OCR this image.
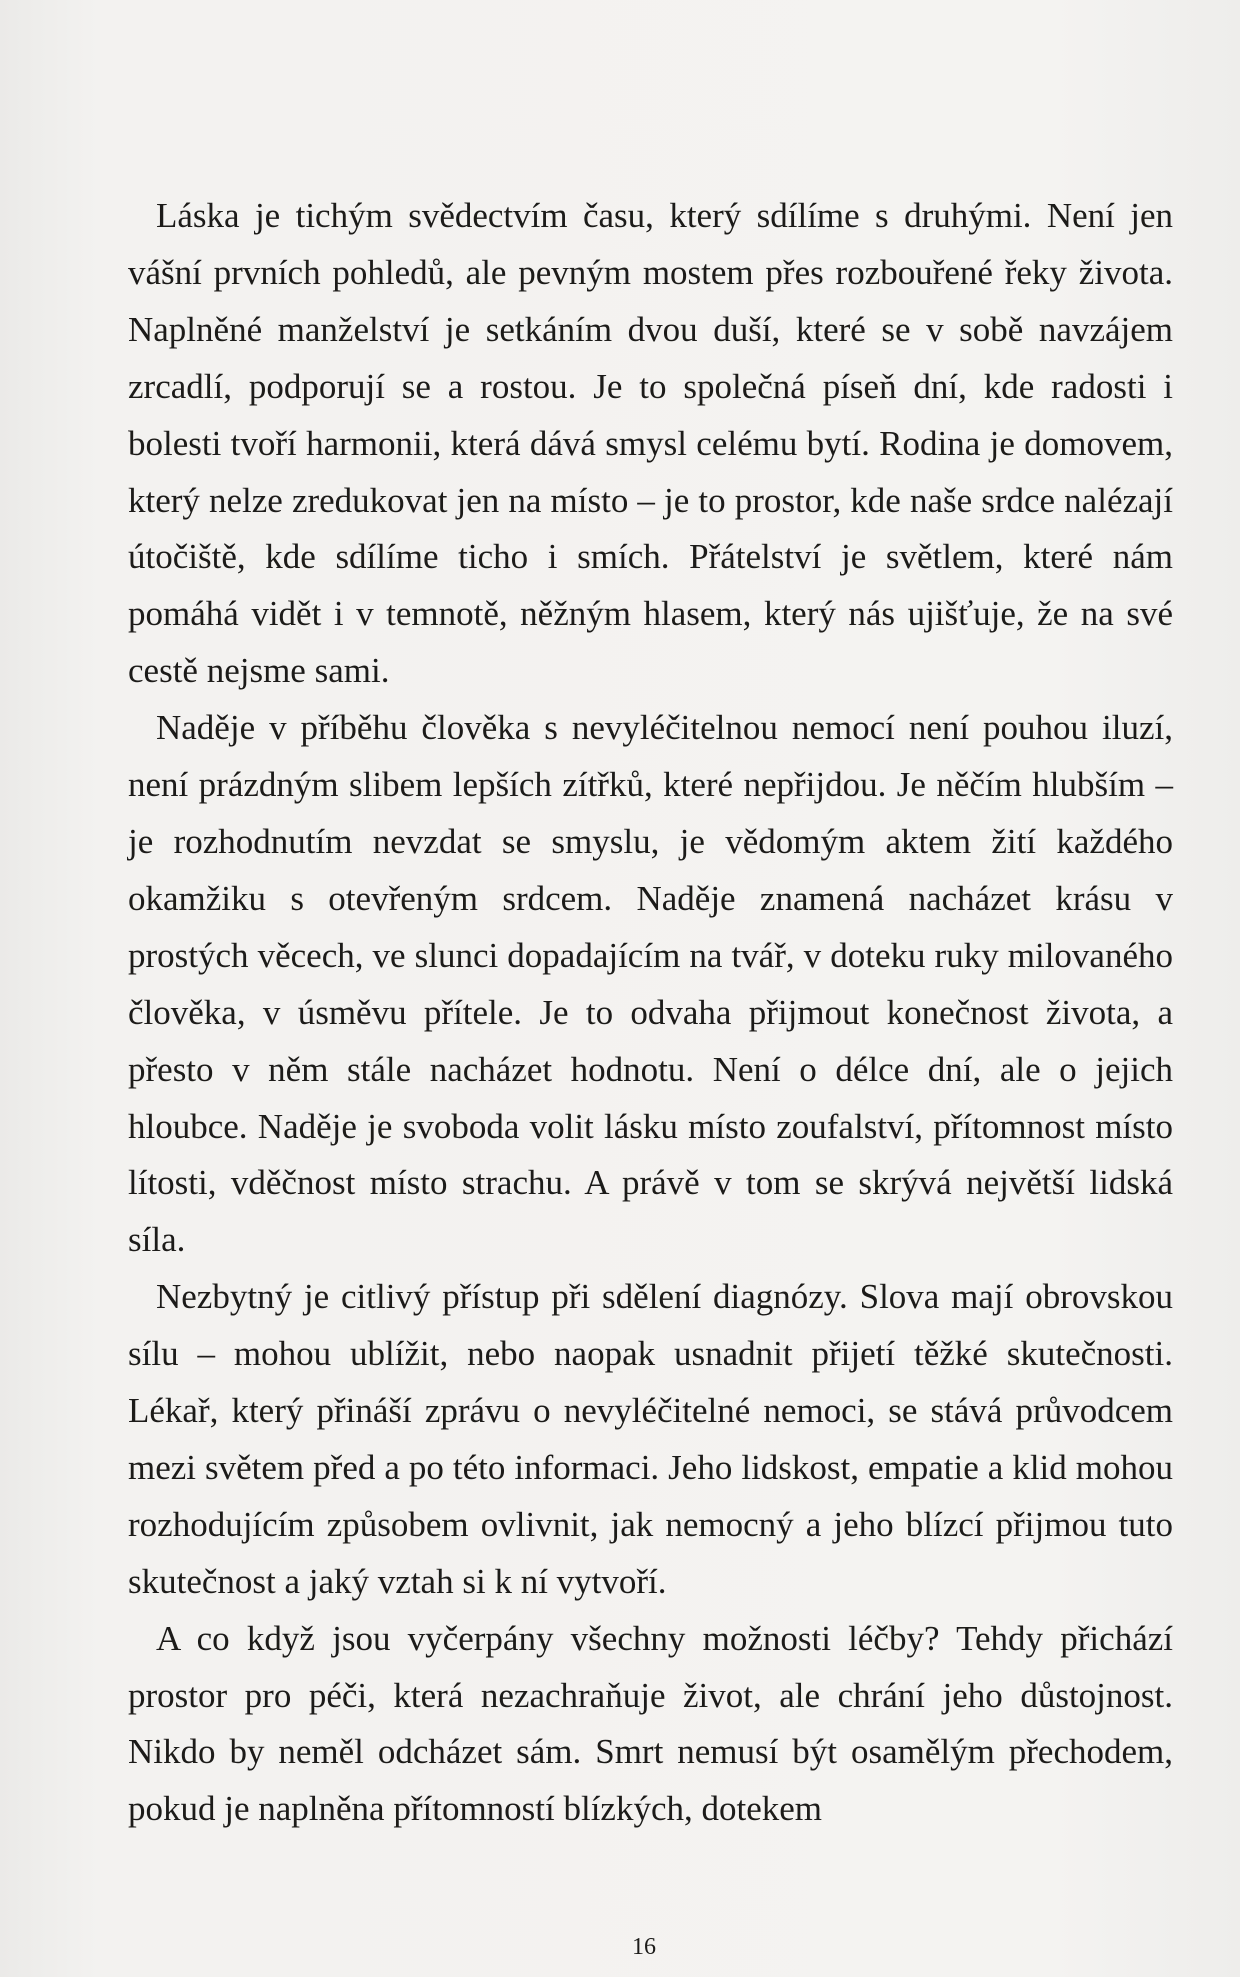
Láska je tichým svědectvím času, který sdílíme s druhými. Není jen vášní prvních pohledů, ale pevným mostem přes rozbouřené řeky života. Naplněné manželství je setkáním dvou duší, které se v sobě navzájem zrcadlí, podporují se a rostou. Je to společná píseň dní, kde radosti i bolesti tvoří harmonii, která dává smysl celému bytí. Rodina je domovem, který nelze zredukovat jen na místo – je to prostor, kde naše srdce nalézají útočiště, kde sdílíme ticho i smích. Přátelství je světlem, které nám pomáhá vidět i v temnotě, něžným hlasem, který nás ujišťuje, že na své cestě nejsme sami.

Naděje v příběhu člověka s nevyléčitelnou nemocí není pouhou iluzí, není prázdným slibem lepších zítřků, které nepřijdou. Je něčím hlubším – je rozhodnutím nevzdat se smyslu, je vědomým aktem žití každého okamžiku s otevřeným srdcem. Naděje znamená nacházet krásu v prostých věcech, ve slunci dopadajícím na tvář, v doteku ruky milovaného člověka, v úsměvu přítele. Je to odvaha přijmout konečnost života, a přesto v něm stále nacházet hodnotu. Není o délce dní, ale o jejich hloubce. Naděje je svoboda volit lásku místo zoufalství, přítomnost místo lítosti, vděčnost místo strachu. A právě v tom se skrývá největší lidská síla.

Nezbytný je citlivý přístup při sdělení diagnózy. Slova mají obrovskou sílu – mohou ublížit, nebo naopak usnadnit přijetí těžké skutečnosti. Lékař, který přináší zprávu o nevyléčitelné nemoci, se stává průvodcem mezi světem před a po této informaci. Jeho lidskost, empatie a klid mohou rozhodujícím způsobem ovlivnit, jak nemocný a jeho blízcí přijmou tuto skutečnost a jaký vztah si k ní vytvoří.

A co když jsou vyčerpány všechny možnosti léčby? Tehdy přichází prostor pro péči, která nezachraňuje život, ale chrání jeho důstojnost. Nikdo by neměl odcházet sám. Smrt nemusí být osamělým přechodem, pokud je naplněna přítomností blízkých, dotekem

16
